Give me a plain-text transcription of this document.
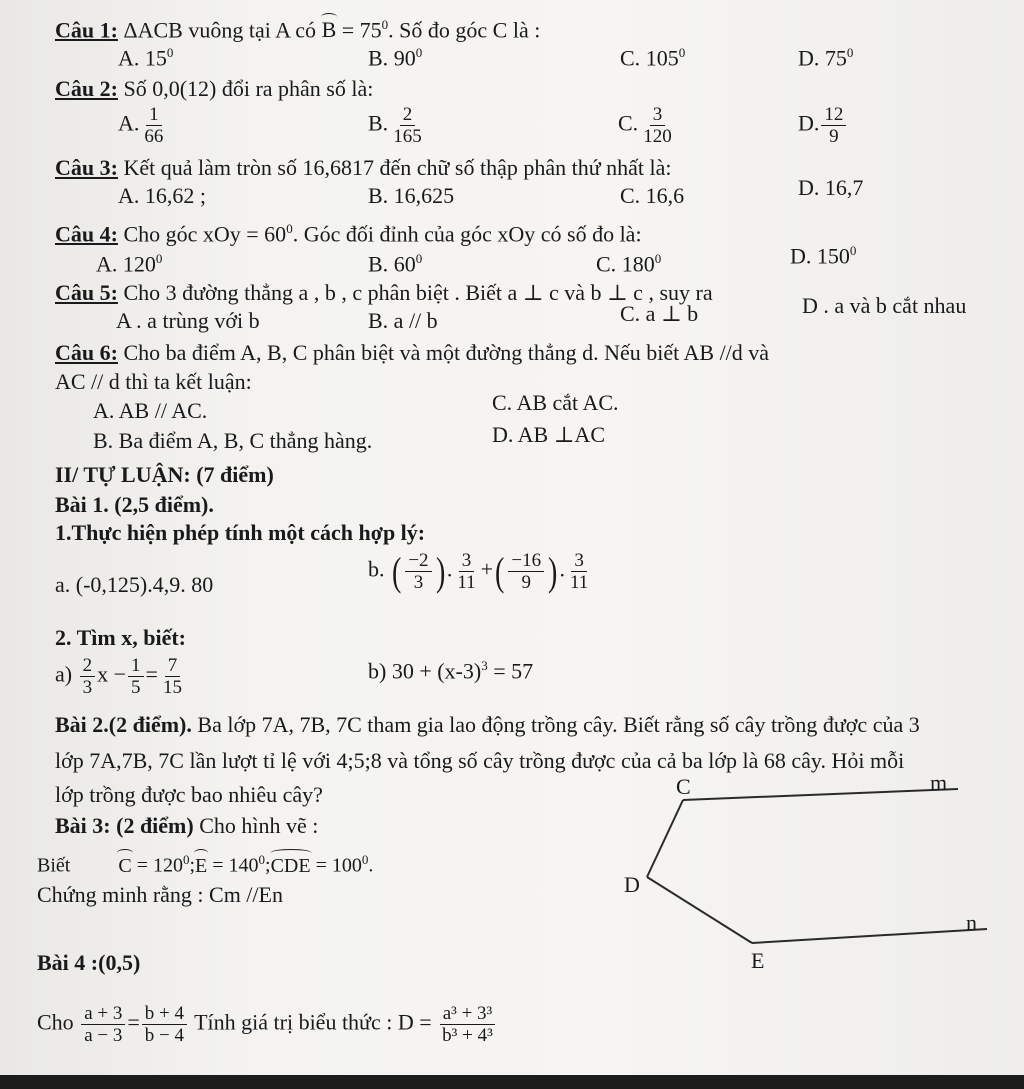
Câu 1: ΔACB vuông tại A có $B = 75^0$. Số đo góc C là :
A. $15^0$	B. $90^0$	C. $105^0$	D. $75^0$
Câu 2: Số 0,0(12) đổi ra phân số là:
A. $\frac{1}{66}$	B. $\frac{2}{165}$	C. $\frac{3}{120}$	D. $\frac{12}{9}$
Câu 3: Kết quả làm tròn số 16,6817 đến chữ số thập phân thứ nhất là:
A. 16,62 ;	B. 16,625	C. 16,6	D. 16,7
Câu 4: Cho góc xOy = $60^0$. Góc đối đỉnh của góc xOy có số đo là:
A. $120^0$	B. $60^0$	C. $180^0$	D. $150^0$
Câu 5: Cho 3 đường thẳng a , b , c phân biệt . Biết a ⊥ c và b ⊥ c , suy ra
A . a trùng với b	B. a // b	C. a ⊥ b	D . a và b cắt nhau
Câu 6: Cho ba điểm A, B, C phân biệt và một đường thẳng d. Nếu biết AB //d và
AC // d thì ta kết luận:
A. AB // AC.	C. AB cắt AC.
B. Ba điểm A, B, C thẳng hàng.	D. AB ⊥AC
II/ TỰ LUẬN: (7 điểm)
Bài 1. (2,5 điểm).
1.Thực hiện phép tính một cách hợp lý:
a. (-0,125).4,9. 80
b. ( $\frac{-2}{3}$ ). $\frac{3}{11}$ +( $\frac{-16}{9}$ ). $\frac{3}{11}$
2. Tìm x, biết:
$a) \frac{2}{3}$ $x - \frac{1}{5} = \frac{7}{15}$	b) $30 + (x-3)^3 = 57$
Bài 2.(2 điểm). Ba lớp 7A, 7B, 7C tham gia lao động trồng cây. Biết rằng số cây trồng được của 3
lớp 7A,7B, 7C lần lượt tỉ lệ với 4;5;8 và tổng số cây trồng được của cả ba lớp là 68 cây. Hỏi mỗi
lớp trồng được bao nhiêu cây?
Bài 3: (2 điểm) Cho hình vẽ :
Biết $C = 120^0;E$ = $140^0;CDE = 100^0$.
Chứng minh rằng : Cm //En
C	m
D
n
E
Bài 4 :(0,5)
Cho $\frac{a + 3}{a - 3} = \frac{b + 4}{b - 4}$ Tính giá trị biểu thức : $D = \frac{\text{a³ + 3³}}{\text{b³ + 4³}}$
